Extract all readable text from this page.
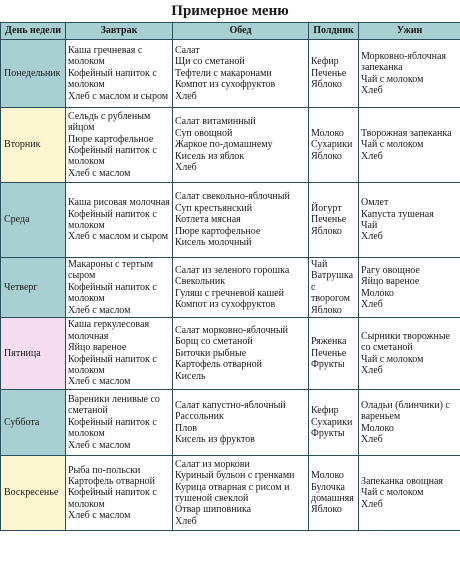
Примерное меню
День недели	Завтрак	Обед	Полдник	Ужин
Понедельник	Каша гречневая с молоком
Кофейный напиток с молоком
Хлеб с маслом и сыром	Салат
Щи со сметаной
Тефтели с макаронами
Компот из сухофруктов
Хлеб	Кефир
Печенье
Яблоко	Морковно-яблочная запеканка
Чай с молоком
Хлеб

Вторник	Сельдь с рубленым яйцом
Пюре картофельное
Кофейный напиток с молоком
Хлеб с маслом	Салат витаминный
Суп овощной
Жаркое по-домашнему
Кисель из яблок
Хлеб	Молоко
Сухарики
Яблоко	Творожная запеканка
Чай с молоком
Хлеб

Среда	Каша рисовая молочная
Кофейный напиток с молоком
Хлеб с маслом и сыром	Салат свекольно-яблочный
Суп крестьянский
Котлета мясная
Пюре картофельное
Кисель молочный	Йогурт
Печенье
Яблоко	Омлет
Капуста тушеная
Чай
Хлеб

Четверг	Макароны с тертым сыром
Кофейный напиток с молоком
Хлеб с маслом	Салат из зеленого горошка
Свекольник
Гуляш с гречневой кашей
Компот из сухофруктов	Чай
Ватрушка с творогом
Яблоко	Рагу овощное
Яйцо вареное
Молоко
Хлеб

Пятница	Каша геркулесовая молочная
Яйцо вареное
Кофейный напиток с молоком
Хлеб с маслом	Салат морковно-яблочный
Борщ со сметаной
Биточки рыбные
Картофель отварной
Кисель	Ряженка
Печенье
Фрукты	Сырники творожные со сметаной
Чай с молоком
Хлеб

Суббота	Вареники ленивые со сметаной
Кофейный напиток с молоком
Хлеб с маслом	Салат капустно-яблочный
Рассольник
Плов
Кисель из фруктов	Кефир
Сухарики
Фрукты	Оладьи (блинчики) с вареньем
Молоко
Хлеб

Воскресенье	Рыба по-польски
Картофель отварной
Кофейный напиток с молоком
Хлеб с маслом	Салат из моркови
Куриный бульон с гренками
Курица отварная с рисом и тушеной свеклой
Отвар шиповника
Хлеб	Молоко
Булочка
домашняя
Яблоко	Запеканка овощная
Чай с молоком
Хлеб
